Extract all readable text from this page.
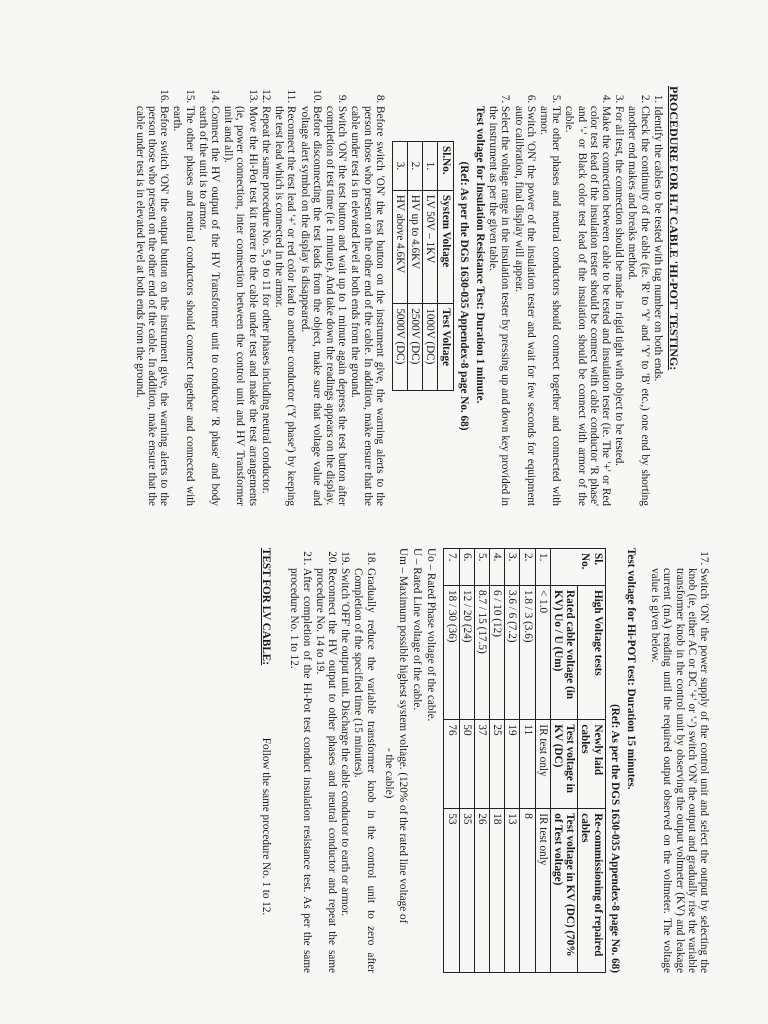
PROCEDURE FOR H.T CABLE 'HI-POT' TESTING:
1. Identify the cables to be tested with tag number on both ends.
2. Check the continuity of the cable (ie. 'R' to 'Y' and 'Y' to 'B' etc.,) one end by shorting another end makes and breaks method.
3. For all test, the connection should be made in rigid tight with object to be tested.
4. Make the connection between cable to be tested and insulation tester (ie. The '+' or Red color test lead of the insulation tester should be connect with cable conductor 'R phase' and '-' or Black color test lead of the insulation should be connect with armor of the cable.
5. The other phases and neutral conductors should connect together and connected with armor.
6. Switch 'ON' the power of the insulation tester and wait for few seconds for equipment auto calibration, final display will appear.
7. Select the voltage range in the insulation tester by pressing up and down key provided in the instrument as per the given table.
Test voltage for Insulation Resistance Test: Duration 1 minute.
(Ref: As per the DGS 1630-035 Appendex-8 page No. 68)
Sl.No.	System Voltage	Test Voltage
1.	LV 50V – 1KV	1000V (DC)
2.	HV up to 4.6KV	2500V (DC)
3.	HV above 4.6KV	5000V (DC)
8. Before switch 'ON' the test button on the instrument give, the warning alerts to the person those who present on the other end of the cable. In addition, make ensure that the cable under test is in elevated level at both ends from the ground.
9. Switch 'ON' the test button and wait up to 1 minute again depress the test button after completion of test time (ie 1 minute). And take down the readings appears on the display.
10. Before disconnecting the test leads from the object, make sure that voltage value and voltage alert symbol on the display is disappeared.
11. Reconnect the test lead '+' or red color lead to another conductor ('Y phase') by keeping the test lead which is connected in the armor.
12. Repeat the same procedure No. 5, 9 to 11 for other phases including neutral conductor.
13. Move the Hi-Pot test kit nearer to the cable under test and make the test arrangements (ie, power connection, inter connection between the control unit and HV Transformer unit and all).
14. Connect the HV output of the HV Transformer unit to conductor 'R phase' and body earth of the unit is to armor.
15. The other phases and neutral conductors should connect together and connected with earth.
16. Before switch 'ON' the output button on the instrument give, the warning alerts to the person those who present on the other end of the cable. In addition, make ensure that the cable under test is in elevated level at both ends from the ground.
17. Switch 'ON' the power supply of the control unit and select the output by selecting the knob (ie, either AC or DC '+' or '-') switch 'ON' the output and gradually rise the variable transformer knob in the control unit by observing the output voltmeter (KV) and leakage current (mA) reading until the required output observed on the voltmeter. The voltage value is given below.
Test voltage for Hi-POT test: Duration 15 minutes.
(Ref: As per the DGS 1630-035 Appendex-8 page No. 68)
Sl. No.	High Voltage tests	Newly laid cables	Re-commissioning of repaired cables
	Rated cable voltage (in KV) Uo / U (Um)	Test voltage in KV (DC)	Test voltage in KV (DC) (70% of Test voltage)
1.	< 1.0	IR test only	IR test only
2.	1.8 / 3 (3.6)	11	8
3.	3.6 / 6 (7.2)	19	13
4.	6 / 10 (12)	25	18
5.	8.7 / 15 (17.5)	37	26
6.	12 / 20 (24)	50	35
7.	18 / 30 (36)	76	53
Uo – Rated Phase voltage of the cable.
U – Rated Line voltage of the cable.
Um – Maximum possible highest system voltage. (120% of the rated line voltage of
- the cable)
18. Gradually reduce the variable transformer knob in the control unit to zero after Completion of the specified time (15 minutes).
19. Switch 'OFF' the output unit. Discharge the cable conductor to earth or armor.
20. Reconnect the HV output to other phases and neutral conductor and repeat the same procedure No. 14 to 19.
21. After completion of the Hi-Pot test conduct insulation resistance test. As per the same procedure No. 1 to 12.
TEST FOR LV CABLE: Follow the same procedure No. 1 to 12.
